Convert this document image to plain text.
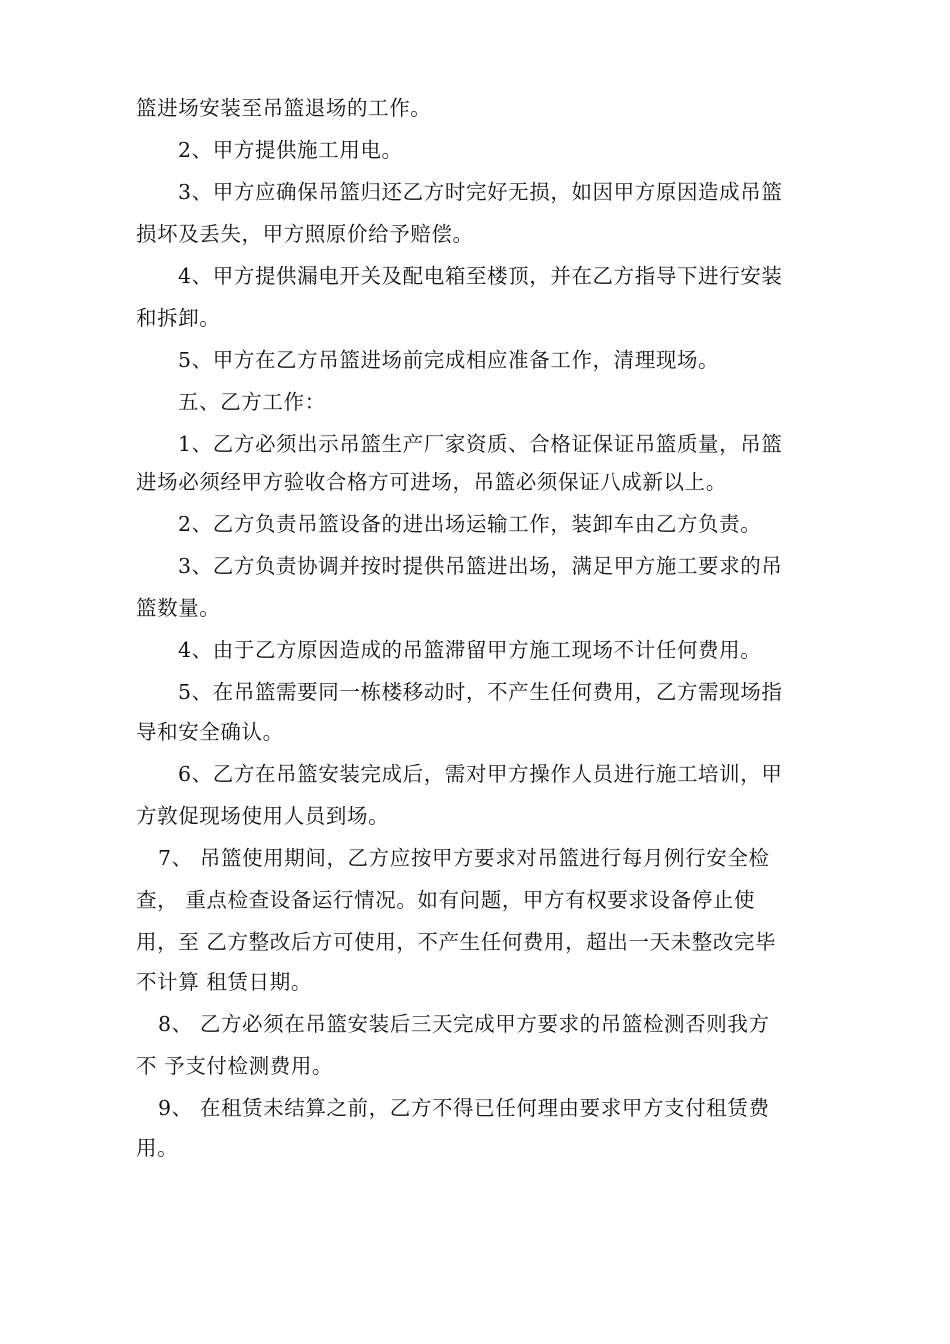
篮进场安装至吊篮退场的工作。
2、甲方提供施工用电。
3、甲方应确保吊篮归还乙方时完好无损，如因甲方原因造成吊篮
损坏及丢失，甲方照原价给予赔偿。
4、甲方提供漏电开关及配电箱至楼顶，并在乙方指导下进行安装
和拆卸。
5、甲方在乙方吊篮进场前完成相应准备工作，清理现场。
五、乙方工作：
1、乙方必须出示吊篮生产厂家资质、合格证保证吊篮质量，吊篮
进场必须经甲方验收合格方可进场，吊篮必须保证八成新以上。
2、乙方负责吊篮设备的进出场运输工作，装卸车由乙方负责。
3、乙方负责协调并按时提供吊篮进出场，满足甲方施工要求的吊
篮数量。
4、由于乙方原因造成的吊篮滞留甲方施工现场不计任何费用。
5、在吊篮需要同一栋楼移动时，不产生任何费用，乙方需现场指
导和安全确认。
6、乙方在吊篮安装完成后，需对甲方操作人员进行施工培训，甲
方敦促现场使用人员到场。
7、 吊篮使用期间，乙方应按甲方要求对吊篮进行每月例行安全检
查， 重点检查设备运行情况。如有问题，甲方有权要求设备停止使
用，至 乙方整改后方可使用，不产生任何费用，超出一天未整改完毕
不计算 租赁日期。
8、 乙方必须在吊篮安装后三天完成甲方要求的吊篮检测否则我方
不 予支付检测费用。
9、 在租赁未结算之前，乙方不得已任何理由要求甲方支付租赁费
用。
